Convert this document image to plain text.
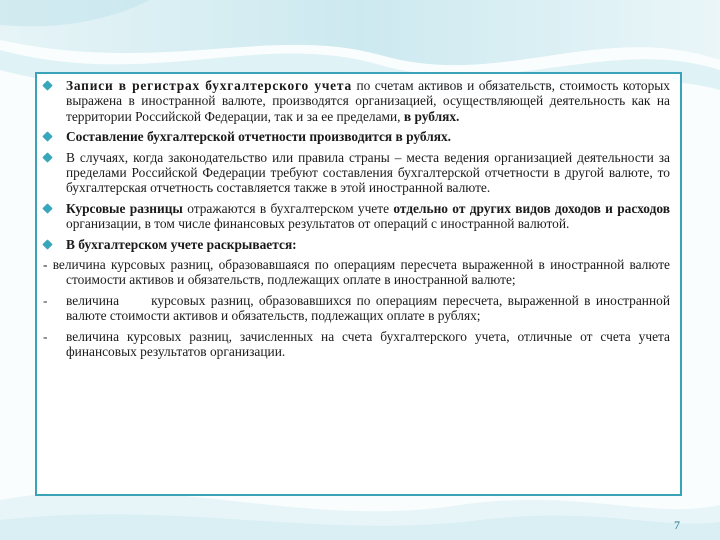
Записи в регистрах бухгалтерского учета по счетам активов и обязательств, стоимость которых выражена в иностранной валюте, производятся организацией, осуществляющей деятельность как на территории Российской Федерации, так и за ее пределами, в рублях.
Составление бухгалтерской отчетности производится в рублях.
В случаях, когда законодательство или правила страны – места ведения организацией деятельности за пределами Российской Федерации требуют составления бухгалтерской отчетности в другой валюте, то бухгалтерская отчетность составляется также в этой иностранной валюте.
Курсовые разницы отражаются в бухгалтерском учете отдельно от других видов доходов и расходов организации, в том числе финансовых результатов от операций с иностранной валютой.
В бухгалтерском учете раскрывается:
- величина курсовых разниц, образовавшаяся по операциям пересчета выраженной в иностранной валюте стоимости активов и обязательств, подлежащих оплате в иностранной валюте;
- величина      курсовых разниц, образовавшихся по операциям пересчета, выраженной в иностранной валюте стоимости активов и обязательств, подлежащих оплате в рублях;
- величина курсовых разниц, зачисленных на счета бухгалтерского учета, отличные от счета учета финансовых результатов организации.
7
